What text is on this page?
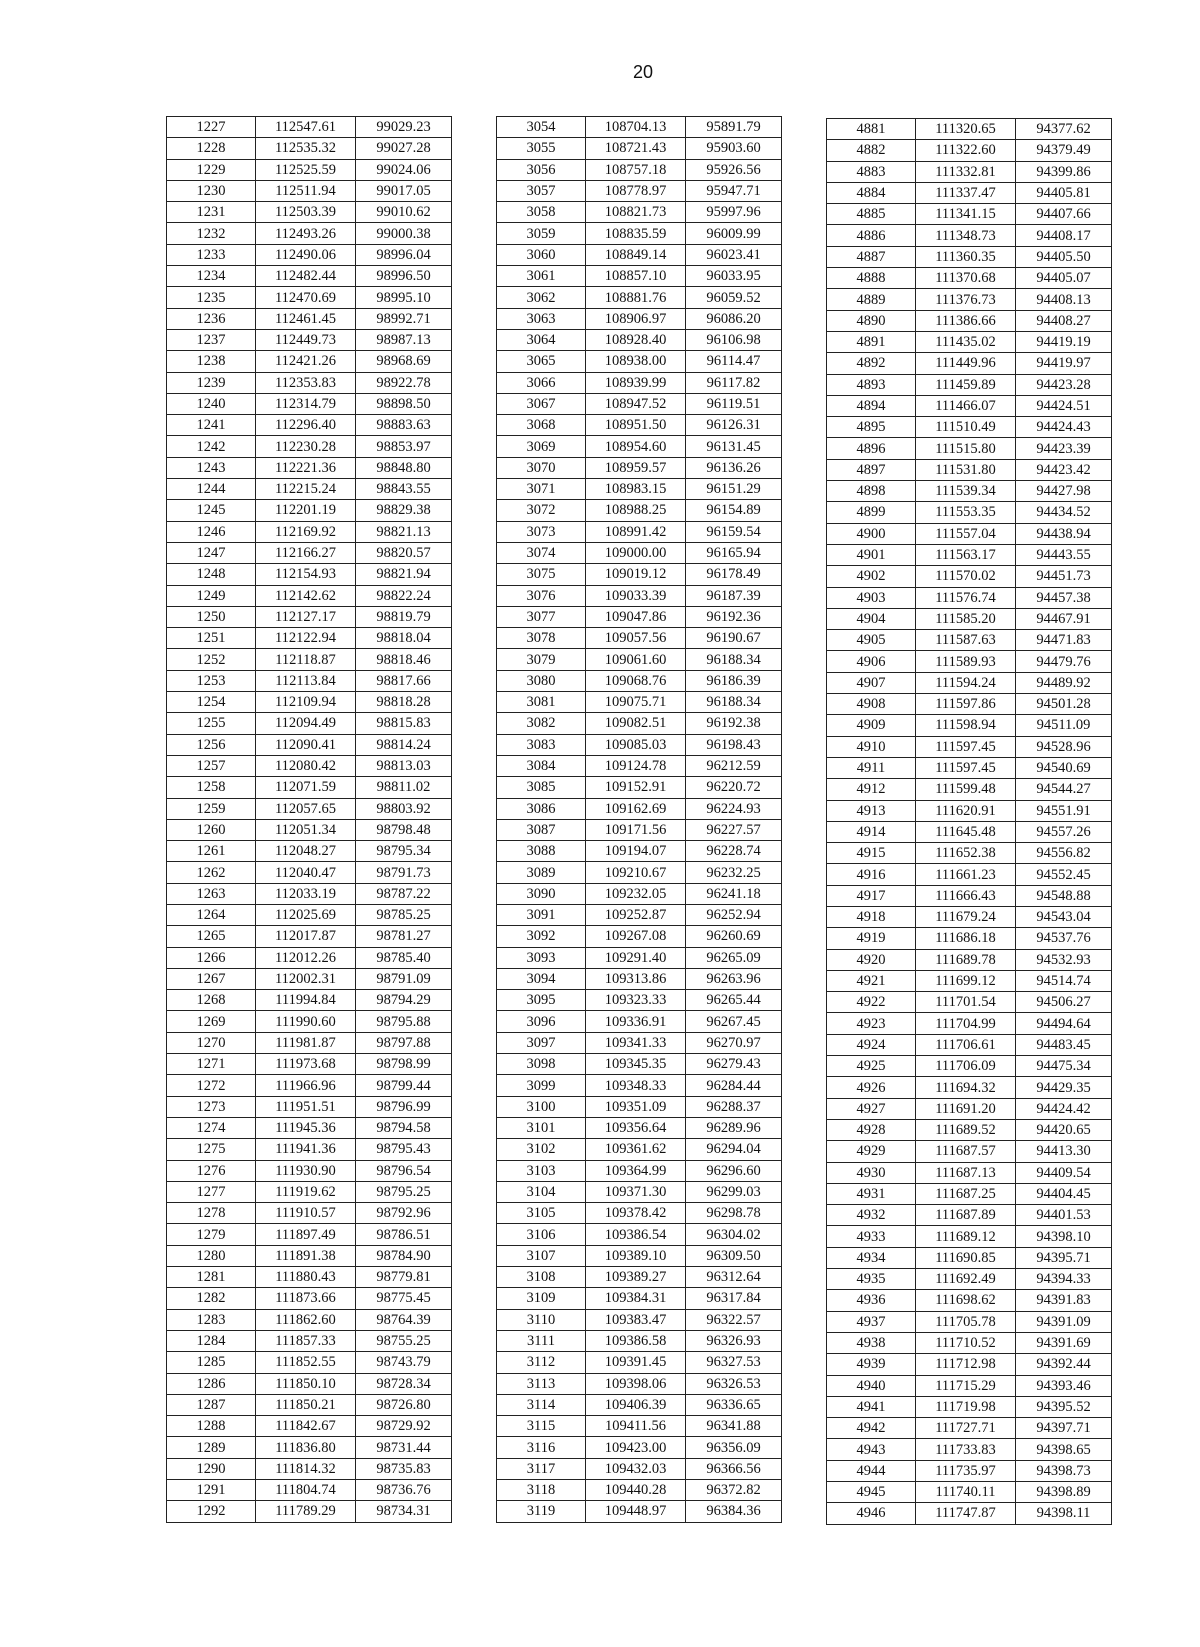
20
1227	112547.61	99029.23
1228	112535.32	99027.28
1229	112525.59	99024.06
1230	112511.94	99017.05
1231	112503.39	99010.62
1232	112493.26	99000.38
1233	112490.06	98996.04
1234	112482.44	98996.50
1235	112470.69	98995.10
1236	112461.45	98992.71
1237	112449.73	98987.13
1238	112421.26	98968.69
1239	112353.83	98922.78
1240	112314.79	98898.50
1241	112296.40	98883.63
1242	112230.28	98853.97
1243	112221.36	98848.80
1244	112215.24	98843.55
1245	112201.19	98829.38
1246	112169.92	98821.13
1247	112166.27	98820.57
1248	112154.93	98821.94
1249	112142.62	98822.24
1250	112127.17	98819.79
1251	112122.94	98818.04
1252	112118.87	98818.46
1253	112113.84	98817.66
1254	112109.94	98818.28
1255	112094.49	98815.83
1256	112090.41	98814.24
1257	112080.42	98813.03
1258	112071.59	98811.02
1259	112057.65	98803.92
1260	112051.34	98798.48
1261	112048.27	98795.34
1262	112040.47	98791.73
1263	112033.19	98787.22
1264	112025.69	98785.25
1265	112017.87	98781.27
1266	112012.26	98785.40
1267	112002.31	98791.09
1268	111994.84	98794.29
1269	111990.60	98795.88
1270	111981.87	98797.88
1271	111973.68	98798.99
1272	111966.96	98799.44
1273	111951.51	98796.99
1274	111945.36	98794.58
1275	111941.36	98795.43
1276	111930.90	98796.54
1277	111919.62	98795.25
1278	111910.57	98792.96
1279	111897.49	98786.51
1280	111891.38	98784.90
1281	111880.43	98779.81
1282	111873.66	98775.45
1283	111862.60	98764.39
1284	111857.33	98755.25
1285	111852.55	98743.79
1286	111850.10	98728.34
1287	111850.21	98726.80
1288	111842.67	98729.92
1289	111836.80	98731.44
1290	111814.32	98735.83
1291	111804.74	98736.76
1292	111789.29	98734.31
3054	108704.13	95891.79
3055	108721.43	95903.60
3056	108757.18	95926.56
3057	108778.97	95947.71
3058	108821.73	95997.96
3059	108835.59	96009.99
3060	108849.14	96023.41
3061	108857.10	96033.95
3062	108881.76	96059.52
3063	108906.97	96086.20
3064	108928.40	96106.98
3065	108938.00	96114.47
3066	108939.99	96117.82
3067	108947.52	96119.51
3068	108951.50	96126.31
3069	108954.60	96131.45
3070	108959.57	96136.26
3071	108983.15	96151.29
3072	108988.25	96154.89
3073	108991.42	96159.54
3074	109000.00	96165.94
3075	109019.12	96178.49
3076	109033.39	96187.39
3077	109047.86	96192.36
3078	109057.56	96190.67
3079	109061.60	96188.34
3080	109068.76	96186.39
3081	109075.71	96188.34
3082	109082.51	96192.38
3083	109085.03	96198.43
3084	109124.78	96212.59
3085	109152.91	96220.72
3086	109162.69	96224.93
3087	109171.56	96227.57
3088	109194.07	96228.74
3089	109210.67	96232.25
3090	109232.05	96241.18
3091	109252.87	96252.94
3092	109267.08	96260.69
3093	109291.40	96265.09
3094	109313.86	96263.96
3095	109323.33	96265.44
3096	109336.91	96267.45
3097	109341.33	96270.97
3098	109345.35	96279.43
3099	109348.33	96284.44
3100	109351.09	96288.37
3101	109356.64	96289.96
3102	109361.62	96294.04
3103	109364.99	96296.60
3104	109371.30	96299.03
3105	109378.42	96298.78
3106	109386.54	96304.02
3107	109389.10	96309.50
3108	109389.27	96312.64
3109	109384.31	96317.84
3110	109383.47	96322.57
3111	109386.58	96326.93
3112	109391.45	96327.53
3113	109398.06	96326.53
3114	109406.39	96336.65
3115	109411.56	96341.88
3116	109423.00	96356.09
3117	109432.03	96366.56
3118	109440.28	96372.82
3119	109448.97	96384.36
4881	111320.65	94377.62
4882	111322.60	94379.49
4883	111332.81	94399.86
4884	111337.47	94405.81
4885	111341.15	94407.66
4886	111348.73	94408.17
4887	111360.35	94405.50
4888	111370.68	94405.07
4889	111376.73	94408.13
4890	111386.66	94408.27
4891	111435.02	94419.19
4892	111449.96	94419.97
4893	111459.89	94423.28
4894	111466.07	94424.51
4895	111510.49	94424.43
4896	111515.80	94423.39
4897	111531.80	94423.42
4898	111539.34	94427.98
4899	111553.35	94434.52
4900	111557.04	94438.94
4901	111563.17	94443.55
4902	111570.02	94451.73
4903	111576.74	94457.38
4904	111585.20	94467.91
4905	111587.63	94471.83
4906	111589.93	94479.76
4907	111594.24	94489.92
4908	111597.86	94501.28
4909	111598.94	94511.09
4910	111597.45	94528.96
4911	111597.45	94540.69
4912	111599.48	94544.27
4913	111620.91	94551.91
4914	111645.48	94557.26
4915	111652.38	94556.82
4916	111661.23	94552.45
4917	111666.43	94548.88
4918	111679.24	94543.04
4919	111686.18	94537.76
4920	111689.78	94532.93
4921	111699.12	94514.74
4922	111701.54	94506.27
4923	111704.99	94494.64
4924	111706.61	94483.45
4925	111706.09	94475.34
4926	111694.32	94429.35
4927	111691.20	94424.42
4928	111689.52	94420.65
4929	111687.57	94413.30
4930	111687.13	94409.54
4931	111687.25	94404.45
4932	111687.89	94401.53
4933	111689.12	94398.10
4934	111690.85	94395.71
4935	111692.49	94394.33
4936	111698.62	94391.83
4937	111705.78	94391.09
4938	111710.52	94391.69
4939	111712.98	94392.44
4940	111715.29	94393.46
4941	111719.98	94395.52
4942	111727.71	94397.71
4943	111733.83	94398.65
4944	111735.97	94398.73
4945	111740.11	94398.89
4946	111747.87	94398.11
